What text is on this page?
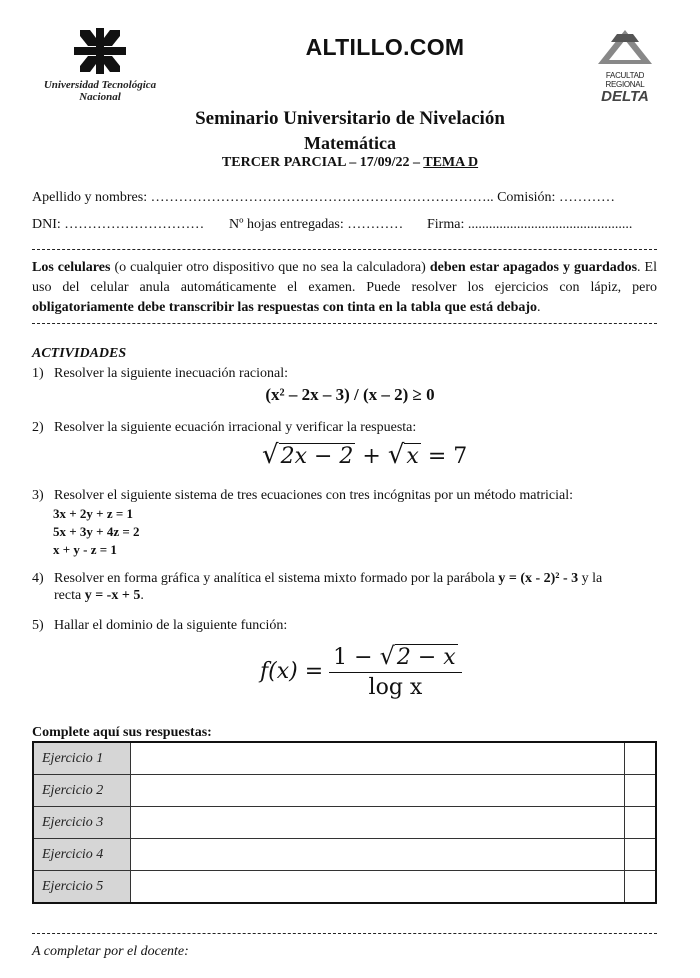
Universidad Tecnológica
Nacional
ALTILLO.COM
FACULTAD REGIONAL
DELTA
Seminario Universitario de Nivelación
Matemática
TERCER PARCIAL – 17/09/22 – TEMA D
Apellido y nombres: ……………………………………………………………….. Comisión: …………
DNI: ………………………… Nº hojas entregadas: ………… Firma: ...............................................
Los celulares (o cualquier otro dispositivo que no sea la calculadora) deben estar apagados y guardados. El uso del celular anula automáticamente el examen. Puede resolver los ejercicios con lápiz, pero obligatoriamente debe transcribir las respuestas con tinta en la tabla que está debajo.
ACTIVIDADES
1) Resolver la siguiente inecuación racional:
(x² – 2x – 3) / (x – 2) ≥ 0
2) Resolver la siguiente ecuación irracional y verificar la respuesta:
√2x − 2 + √x = 7
3) Resolver el siguiente sistema de tres ecuaciones con tres incógnitas por un método matricial:
3x + 2y + z = 1
5x + 3y + 4z = 2
x + y - z = 1
4) Resolver en forma gráfica y analítica el sistema mixto formado por la parábola y = (x - 2)² - 3 y la
recta y = -x + 5.
5) Hallar el dominio de la siguiente función:
f(x) =
1 − √2 − x
log x
Complete aquí sus respuestas:
Ejercicio 1		
Ejercicio 2		
Ejercicio 3		
Ejercicio 4		
Ejercicio 5		
A completar por el docente:
